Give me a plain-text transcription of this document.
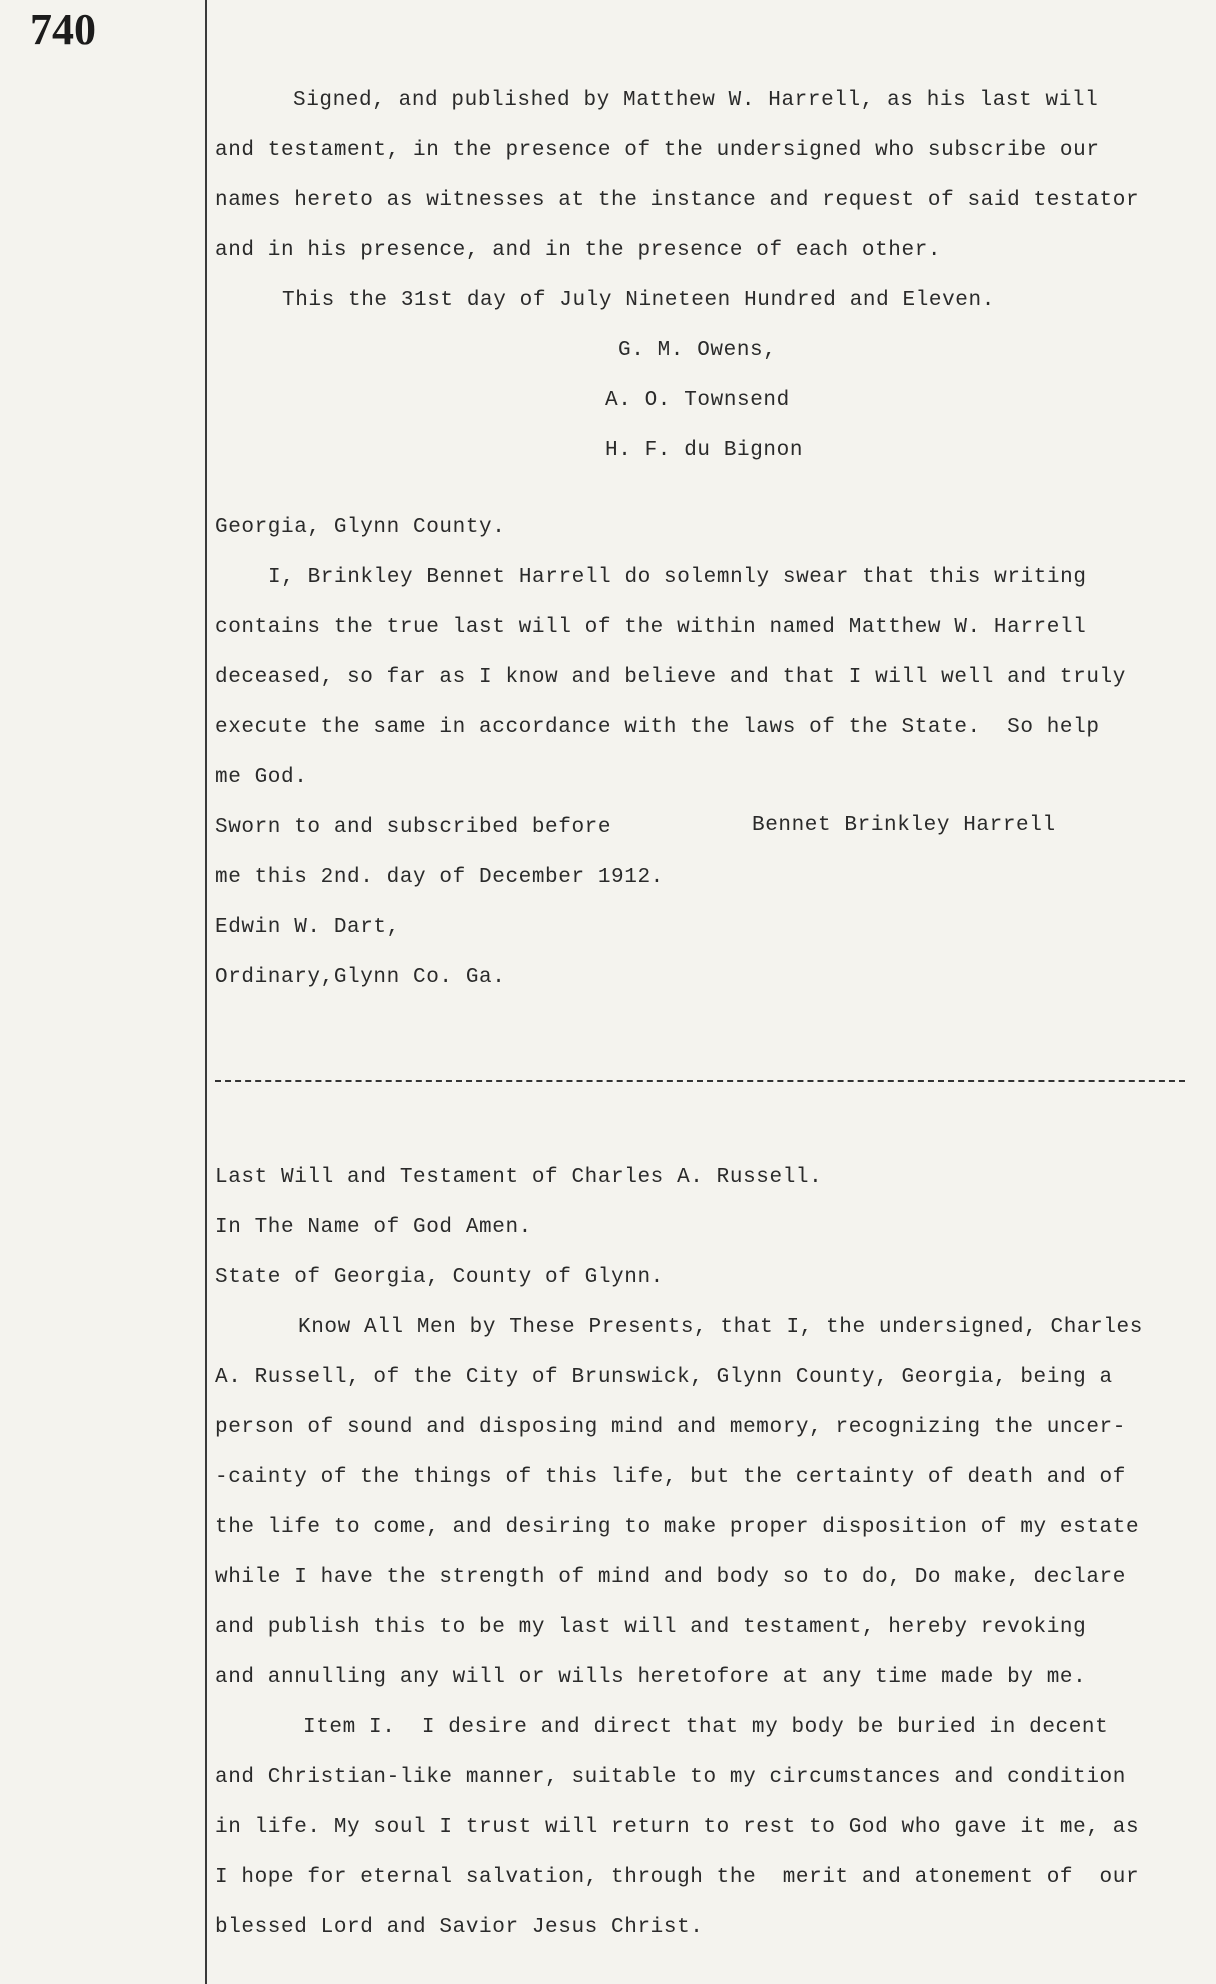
740
Signed, and published by Matthew W. Harrell, as his last will
and testament, in the presence of the undersigned who subscribe our
names hereto as witnesses at the instance and request of said testator
and in his presence, and in the presence of each other.
This the 31st day of July Nineteen Hundred and Eleven.
G. M. Owens,
A. O. Townsend
H. F. du Bignon
Georgia, Glynn County.
I, Brinkley Bennet Harrell do solemnly swear that this writing
contains the true last will of the within named Matthew W. Harrell
deceased, so far as I know and believe and that I will well and truly
execute the same in accordance with the laws of the State.  So help
me God.
Sworn to and subscribed before	Bennet Brinkley Harrell
me this 2nd. day of December 1912.
Edwin W. Dart,
Ordinary,Glynn Co. Ga.
Last Will and Testament of Charles A. Russell.
In The Name of God Amen.
State of Georgia, County of Glynn.
Know All Men by These Presents, that I, the undersigned, Charles
A. Russell, of the City of Brunswick, Glynn County, Georgia, being a
person of sound and disposing mind and memory, recognizing the uncer-
-cainty of the things of this life, but the certainty of death and of
the life to come, and desiring to make proper disposition of my estate
while I have the strength of mind and body so to do, Do make, declare
and publish this to be my last will and testament, hereby revoking
and annulling any will or wills heretofore at any time made by me.
Item I.  I desire and direct that my body be buried in decent
and Christian-like manner, suitable to my circumstances and condition
in life. My soul I trust will return to rest to God who gave it me, as
I hope for eternal salvation, through the  merit and atonement of  our
blessed Lord and Savior Jesus Christ.
